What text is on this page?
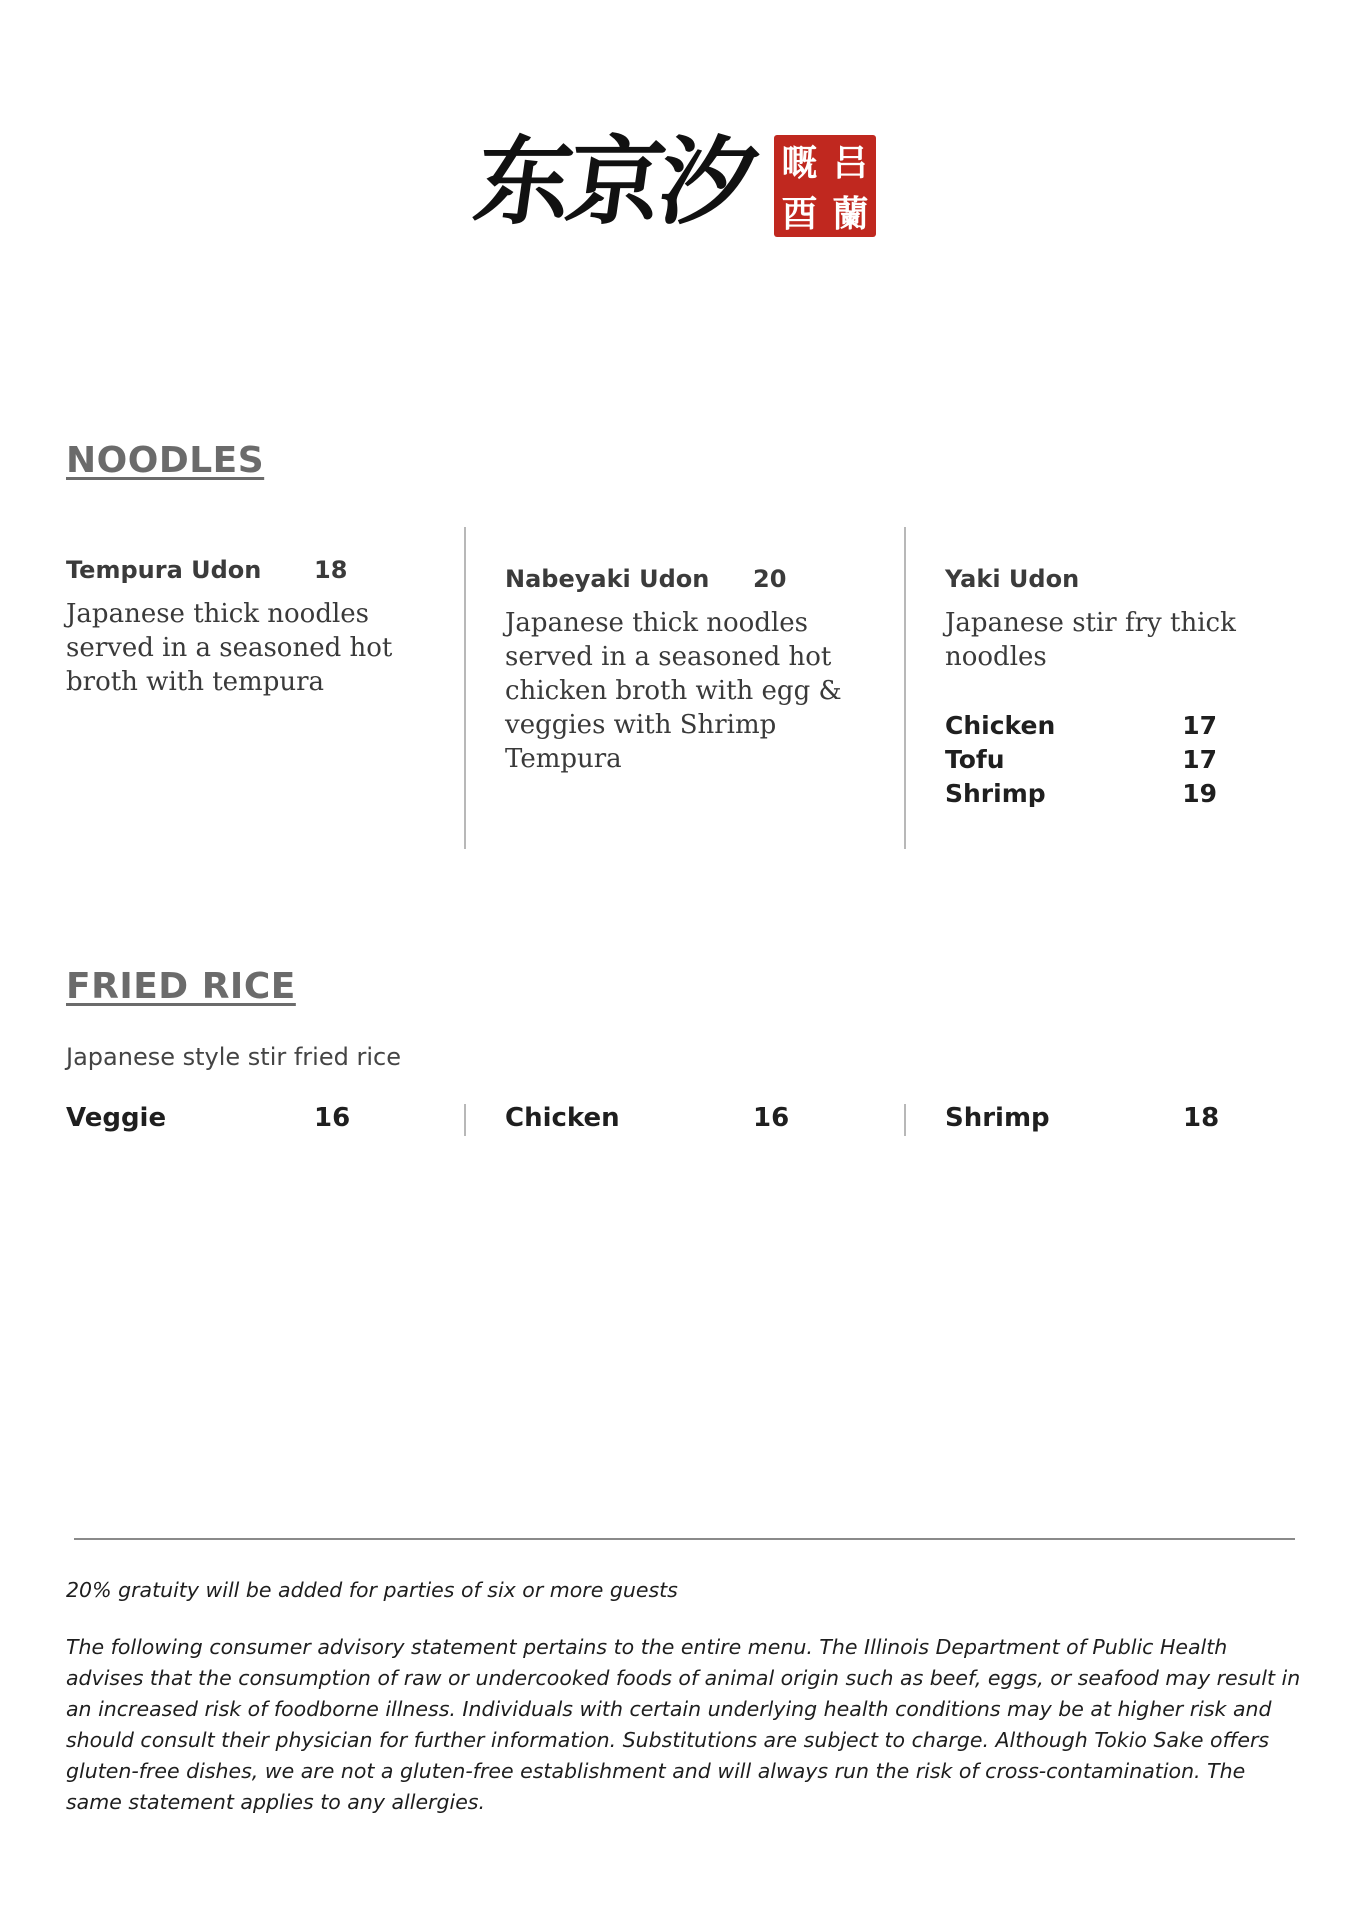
东京汐 嘅 吕
酉 蘭
NOODLES
Tempura Udon 18
Japanese thick noodles served in a seasoned hot broth with tempura
Nabeyaki Udon 20
Japanese thick noodles served in a seasoned hot chicken broth with egg & veggies with Shrimp Tempura
Yaki Udon
Japanese stir fry thick noodles
Chicken	17
Tofu	17
Shrimp	19
FRIED RICE
Japanese style stir fried rice
Veggie	16	Chicken	16	Shrimp	18
20% gratuity will be added for parties of six or more guests
The following consumer advisory statement pertains to the entire menu. The Illinois Department of Public Health advises that the consumption of raw or undercooked foods of animal origin such as beef, eggs, or seafood may result in an increased risk of foodborne illness. Individuals with certain underlying health conditions may be at higher risk and should consult their physician for further information. Substitutions are subject to charge. Although Tokio Sake offers gluten-free dishes, we are not a gluten-free establishment and will always run the risk of cross-contamination. The same statement applies to any allergies.
